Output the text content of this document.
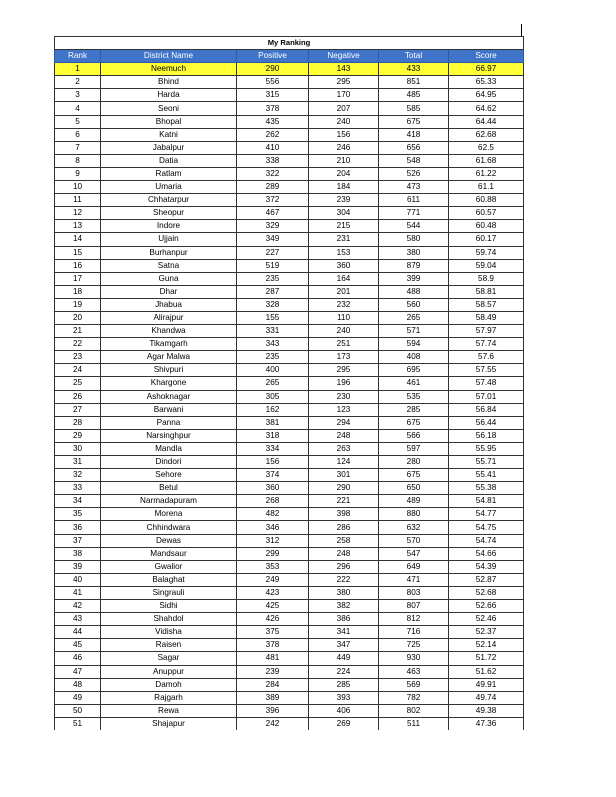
My Ranking					
Rank	District Name	Positive	Negative	Total	Score
1	Neemuch	290	143	433	66.97
2	Bhind	556	295	851	65.33
3	Harda	315	170	485	64.95
4	Seoni	378	207	585	64.62
5	Bhopal	435	240	675	64.44
6	Katni	262	156	418	62.68
7	Jabalpur	410	246	656	62.5
8	Datia	338	210	548	61.68
9	Ratlam	322	204	526	61.22
10	Umaria	289	184	473	61.1
11	Chhatarpur	372	239	611	60.88
12	Sheopur	467	304	771	60.57
13	Indore	329	215	544	60.48
14	Ujjain	349	231	580	60.17
15	Burhanpur	227	153	380	59.74
16	Satna	519	360	879	59.04
17	Guna	235	164	399	58.9
18	Dhar	287	201	488	58.81
19	Jhabua	328	232	560	58.57
20	Alirajpur	155	110	265	58.49
21	Khandwa	331	240	571	57.97
22	Tikamgarh	343	251	594	57.74
23	Agar Malwa	235	173	408	57.6
24	Shivpuri	400	295	695	57.55
25	Khargone	265	196	461	57.48
26	Ashoknagar	305	230	535	57.01
27	Barwani	162	123	285	56.84
28	Panna	381	294	675	56.44
29	Narsinghpur	318	248	566	56.18
30	Mandla	334	263	597	55.95
31	Dindori	156	124	280	55.71
32	Sehore	374	301	675	55.41
33	Betul	360	290	650	55.38
34	Narmadapuram	268	221	489	54.81
35	Morena	482	398	880	54.77
36	Chhindwara	346	286	632	54.75
37	Dewas	312	258	570	54.74
38	Mandsaur	299	248	547	54.66
39	Gwalior	353	296	649	54.39
40	Balaghat	249	222	471	52.87
41	Singrauli	423	380	803	52.68
42	Sidhi	425	382	807	52.66
43	Shahdol	426	386	812	52.46
44	Vidisha	375	341	716	52.37
45	Raisen	378	347	725	52.14
46	Sagar	481	449	930	51.72
47	Anuppur	239	224	463	51.62
48	Damoh	284	285	569	49.91
49	Rajgarh	389	393	782	49.74
50	Rewa	396	406	802	49.38
51	Shajapur	242	269	511	47.36
